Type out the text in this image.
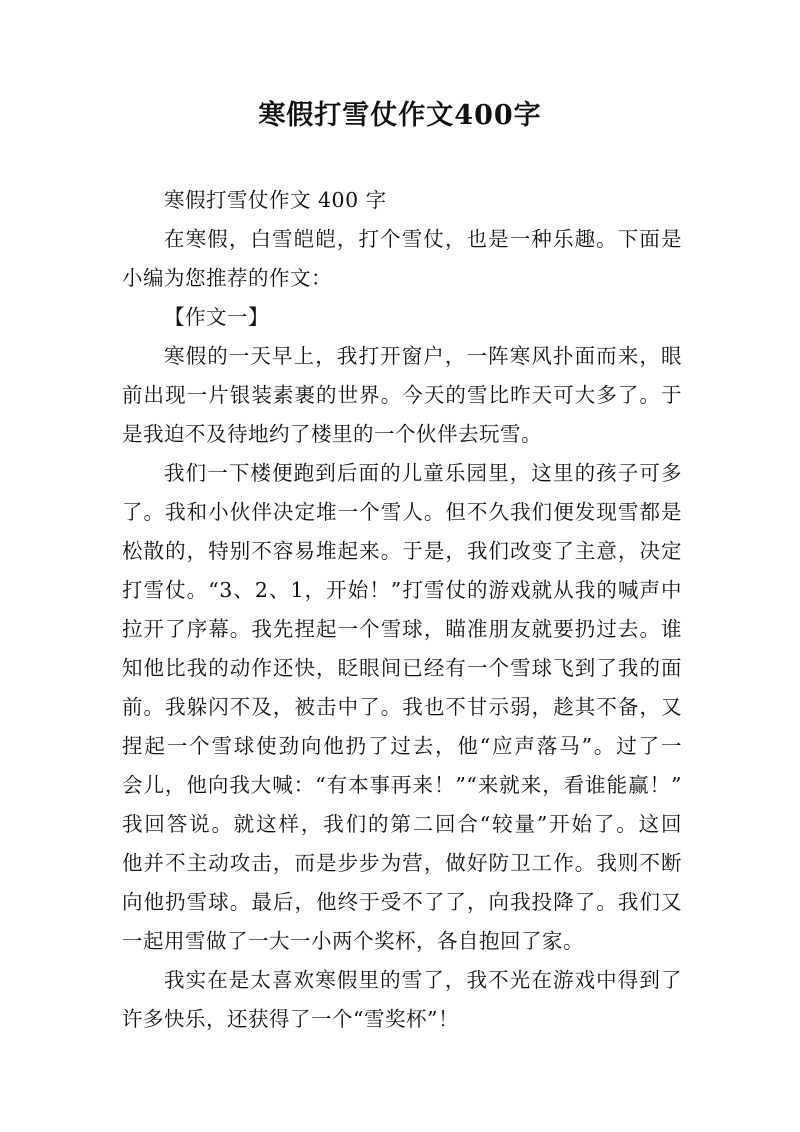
寒假打雪仗作文400字
寒假打雪仗作文 400 字
在寒假，白雪皑皑，打个雪仗，也是一种乐趣。下面是
小编为您推荐的作文：
【作文一】
寒假的一天早上，我打开窗户，一阵寒风扑面而来，眼
前出现一片银装素裹的世界。今天的雪比昨天可大多了。于
是我迫不及待地约了楼里的一个伙伴去玩雪。
我们一下楼便跑到后面的儿童乐园里，这里的孩子可多
了。我和小伙伴决定堆一个雪人。但不久我们便发现雪都是
松散的，特别不容易堆起来。于是，我们改变了主意，决定
打雪仗。“3、2、1，开始！”打雪仗的游戏就从我的喊声中
拉开了序幕。我先捏起一个雪球，瞄准朋友就要扔过去。谁
知他比我的动作还快，眨眼间已经有一个雪球飞到了我的面
前。我躲闪不及，被击中了。我也不甘示弱，趁其不备，又
捏起一个雪球使劲向他扔了过去，他“应声落马”。过了一
会儿，他向我大喊：“有本事再来！”“来就来，看谁能赢！”
我回答说。就这样，我们的第二回合“较量”开始了。这回
他并不主动攻击，而是步步为营，做好防卫工作。我则不断
向他扔雪球。最后，他终于受不了了，向我投降了。我们又
一起用雪做了一大一小两个奖杯，各自抱回了家。
我实在是太喜欢寒假里的雪了，我不光在游戏中得到了
许多快乐，还获得了一个“雪奖杯”！
